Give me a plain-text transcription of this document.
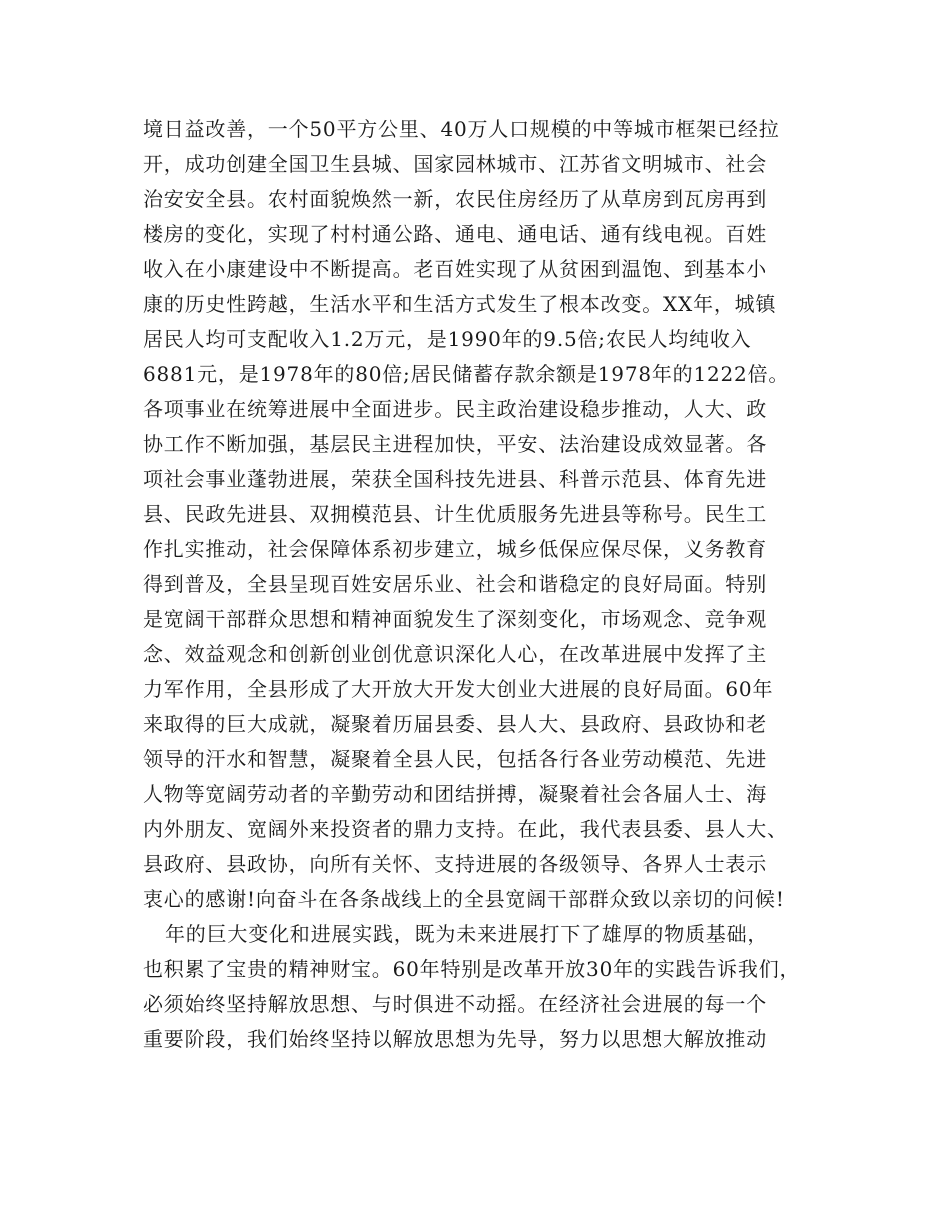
境日益改善，一个50平方公里、40万人口规模的中等城市框架已经拉
开，成功创建全国卫生县城、国家园林城市、江苏省文明城市、社会
治安安全县。农村面貌焕然一新，农民住房经历了从草房到瓦房再到
楼房的变化，实现了村村通公路、通电、通电话、通有线电视。百姓
收入在小康建设中不断提高。老百姓实现了从贫困到温饱、到基本小
康的历史性跨越，生活水平和生活方式发生了根本改变。XX年，城镇
居民人均可支配收入1.2万元，是1990年的9.5倍;农民人均纯收入
6881元，是1978年的80倍;居民储蓄存款余额是1978年的1222倍。
各项事业在统筹进展中全面进步。民主政治建设稳步推动，人大、政
协工作不断加强，基层民主进程加快，平安、法治建设成效显著。各
项社会事业蓬勃进展，荣获全国科技先进县、科普示范县、体育先进
县、民政先进县、双拥模范县、计生优质服务先进县等称号。民生工
作扎实推动，社会保障体系初步建立，城乡低保应保尽保，义务教育
得到普及，全县呈现百姓安居乐业、社会和谐稳定的良好局面。特别
是宽阔干部群众思想和精神面貌发生了深刻变化，市场观念、竞争观
念、效益观念和创新创业创优意识深化人心，在改革进展中发挥了主
力军作用，全县形成了大开放大开发大创业大进展的良好局面。60年
来取得的巨大成就，凝聚着历届县委、县人大、县政府、县政协和老
领导的汗水和智慧，凝聚着全县人民，包括各行各业劳动模范、先进
人物等宽阔劳动者的辛勤劳动和团结拼搏，凝聚着社会各届人士、海
内外朋友、宽阔外来投资者的鼎力支持。在此，我代表县委、县人大、
县政府、县政协，向所有关怀、支持进展的各级领导、各界人士表示
衷心的感谢!向奋斗在各条战线上的全县宽阔干部群众致以亲切的问候!
年的巨大变化和进展实践，既为未来进展打下了雄厚的物质基础，
也积累了宝贵的精神财宝。60年特别是改革开放30年的实践告诉我们，
必须始终坚持解放思想、与时俱进不动摇。在经济社会进展的每一个
重要阶段，我们始终坚持以解放思想为先导，努力以思想大解放推动
